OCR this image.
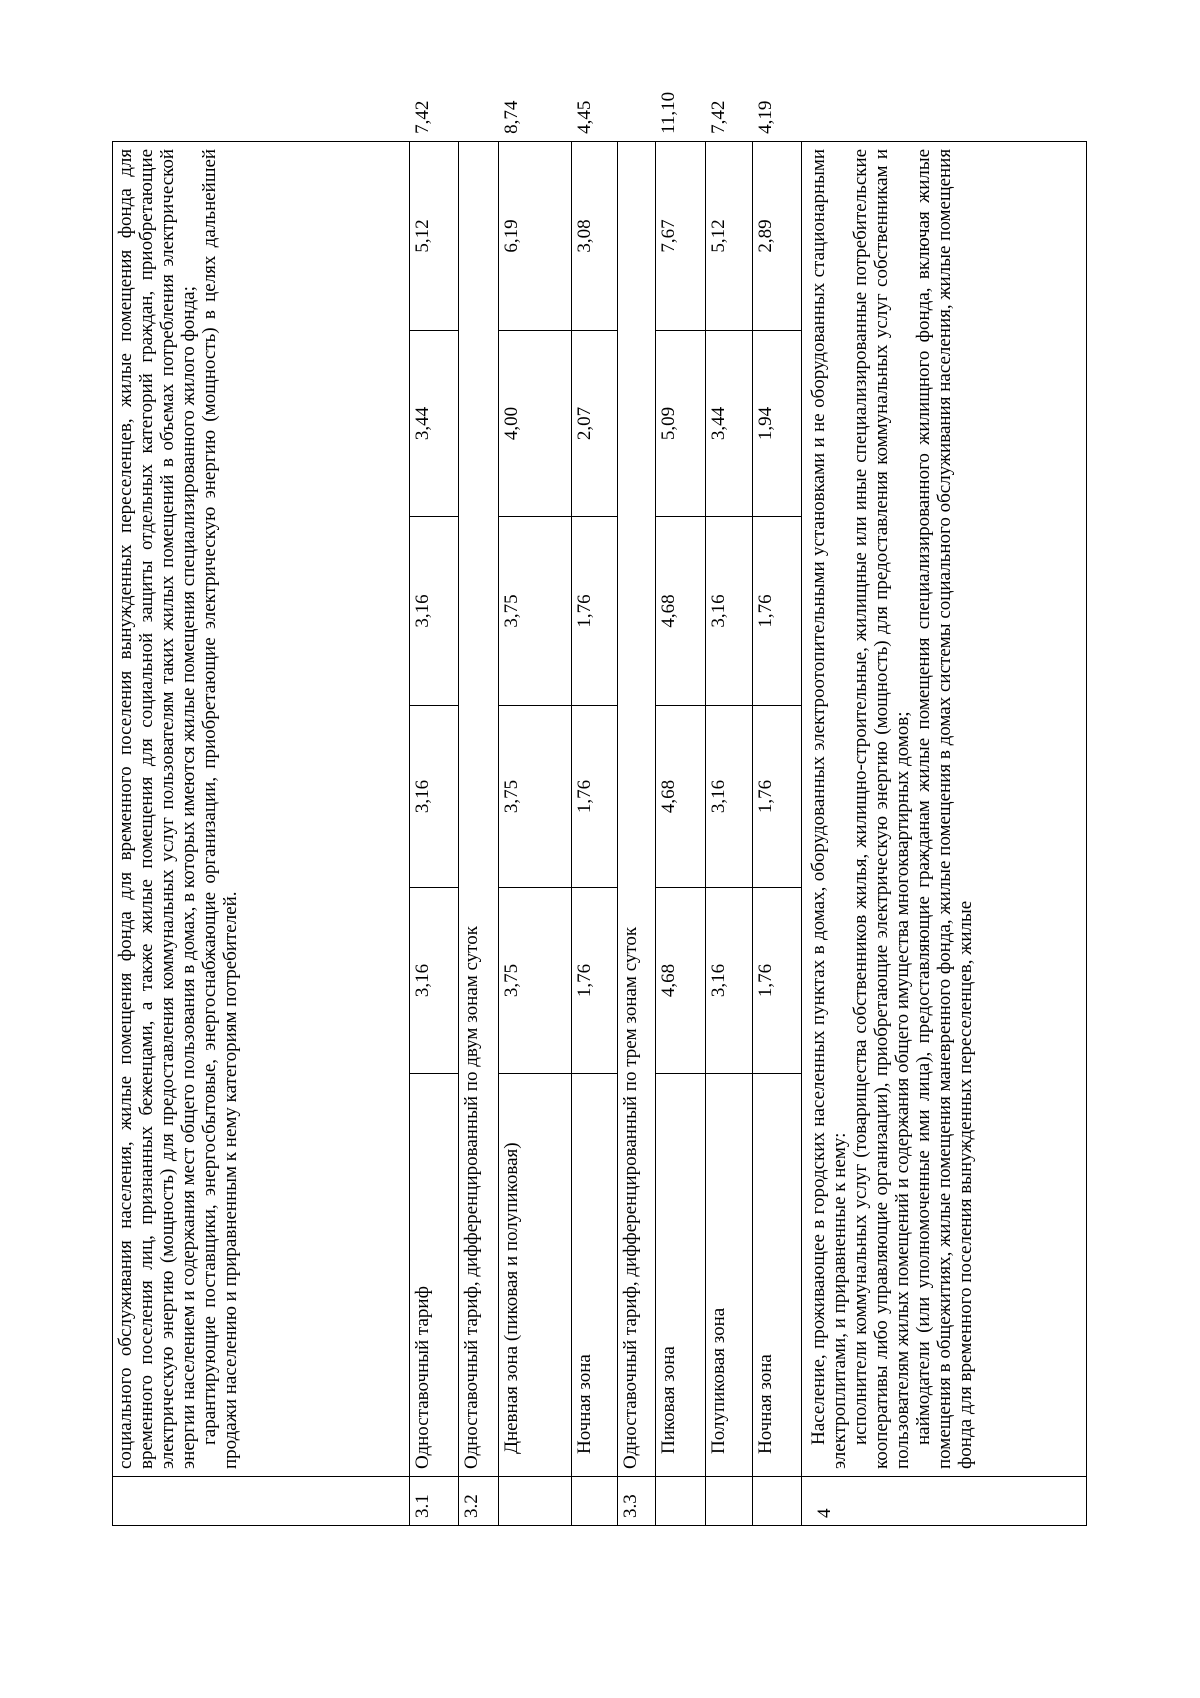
	социального обслуживания населения, жилые помещения фонда для временного поселения вынужденных переселенцев, жилые помещения фонда для временного поселения лиц, признанных беженцами, а также жилые помещения для социальной защиты отдельных категорий граждан, приобретающие электрическую энергию (мощность) для предоставления коммунальных услуг пользователям таких жилых помещений в объемах потребления электрической энергии населением и содержания мест общего пользования в домах, в которых имеются жилые помещения специализированного жилого фонда; гарантирующие поставщики, энергосбытовые, энергоснабжающие организации, приобретающие электрическую энергию (мощность) в целях дальнейшей продажи населению и приравненным к нему категориям потребителей.						

3.1	Одноставочный тариф	3,16	3,16	3,16	3,44	5,12	7,42
3.2	Одноставочный тариф, дифференцированный по двум зонам суток						
	Дневная зона (пиковая и полупиковая)	3,75	3,75	3,75	4,00	6,19	8,74
	Ночная зона	1,76	1,76	1,76	2,07	3,08	4,45
3.3	Одноставочный тариф, дифференцированный по трем зонам суток						
	Пиковая зона	4,68	4,68	4,68	5,09	7,67	11,10
	Полупиковая зона	3,16	3,16	3,16	3,44	5,12	7,42
	Ночная зона	1,76	1,76	1,76	1,94	2,89	4,19
4	Население, проживающее в городских населенных пунктах в домах, оборудованных электроотопительными установками и не оборудованных стационарными электроплитами, и приравненные к нему: исполнители коммунальных услуг (товарищества собственников жилья, жилищно-строительные, жилищные или иные специализированные потребительские кооперативы либо управляющие организации), приобретающие электрическую энергию (мощность) для предоставления коммунальных услуг собственникам и пользователям жилых помещений и содержания общего имущества многоквартирных домов; наймодатели (или уполномоченные ими лица), предоставляющие гражданам жилые помещения специализированного жилищного фонда, включая жилые помещения в общежитиях, жилые помещения маневренного фонда, жилые помещения в домах системы социального обслуживания населения, жилые помещения фонда для временного поселения вынужденных переселенцев, жилые						
